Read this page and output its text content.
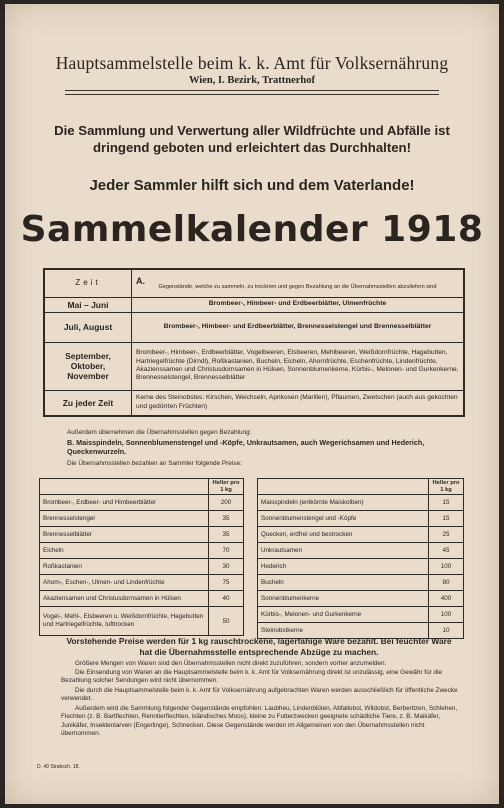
Hauptsammelstelle beim k. k. Amt für Volksernährung
Wien, I. Bezirk, Trattnerhof
Die Sammlung und Verwertung aller Wildfrüchte und Abfälle ist dringend geboten und erleichtert das Durchhalten!
Jeder Sammler hilft sich und dem Vaterlande!
Sammelkalender 1918
Zeit	A.
Gegenstände, welche zu sammeln, zu trocknen und gegen Bezahlung an die Übernahmsstellen abzuliefern sind

Mai – Juni	Brombeer-, Himbeer- und Erdbeerblätter, Ulmenfrüchte
Juli, August	Brombeer-, Himbeer- und Erdbeerblätter, Brennesselstengel und Brennesselblätter
September, Oktober, November	Brombeer-, Himbeer-, Erdbeerblätter, Vogelbeeren, Elsbeeren, Mehlbeeren, Weißdornfrüchte, Hagebutten, Hartriegelfrüchte (Dirndl), Roßkastanien, Bucheln, Eicheln, Ahornfrüchte, Eschenfrüchte, Lindenfrüchte, Akazienssamen und Christusdornsamen in Hülsen, Sonnenblumenkerne, Kürbis-, Melonen- und Gurkenkerne, Brennesselstengel, Brennesselblätter
Zu jeder Zeit	Kerne des Steinobstes: Kirschen, Weichseln, Aprikosen (Marillen), Pflaumen, Zwetschen (auch aus gekochten und gedörrten Früchten)
Außerdem übernehmen die Übernahmsstellen gegen Bezahlung:
B. Maisspindeln, Sonnenblumenstengel und -Köpfe, Unkrautsamen, auch Wegerichsamen und Hederich, Queckenwurzeln.
Die Übernahmsstellen bezahlen an Sammler folgende Preise:
	Heller pro 1 kg
Brombeer-, Erdbeer- und Himbeerblätter	200
Brennesselstengel	35
Brennesselblätter	35
Eicheln	70
Roßkastanien	30
Ahorn-, Eschen-, Ulmen- und Lindenfrüchte	75
Akaziensamen und Christusdornsamen in Hülsen	40
Vogel-, Mehl-, Elsbeeren u. Weißdornfrüchte, Hagebutten und Hartriegelfrüchte, lufttrocken	50
	Heller pro 1 kg
Maisspindeln (entkörnte Maiskolben)	15
Sonnenblumenstengel und -Köpfe	15
Quecken, erdfrei und bestrocken	25
Unkrautsamen	45
Hederich	100
Bucheln	80
Sonnenblumenkerne	400
Kürbis-, Melonen- und Gurkenkerne	100
Steinobstkerne	10
Vorstehende Preise werden für 1 kg rauschtrockene, lagerfähige Ware bezahlt. Bei feuchter Ware hat die Übernahmsstelle entsprechende Abzüge zu machen.
Größere Mengen von Waren sind den Übernahmsstellen nicht direkt zuzuführen, sondern vorher anzumelden.
Die Einsendung von Waren an die Hauptsammelstelle beim k. k. Amt für Volksernährung direkt ist unzulässig, eine Gewähr für die Bezahlung solcher Sendungen wird nicht übernommen.
Die durch die Hauptsammelstelle beim k. k. Amt für Volksernährung aufgebrachten Waren werden ausschließlich für öffentliche Zwecke verwendet.
Außerdem wird die Sammlung folgender Gegenstände empfohlen: Laubheu, Lindenblüten, Abfallobst, Wildobst, Berberitzen, Schlehen, Flechten (z. B. Bartflechten, Renntierflechten, isländisches Moos), kleine zu Futterzwecken geeignete schädliche Tiere, z. B. Maikäfer, Junikäfer, Insektenlarven (Engerlinge), Schnecken. Diese Gegenstände werden im Allgemeinen von den Übernahmsstellen nicht übernommen.
D. 49 Strabsch. 18.
